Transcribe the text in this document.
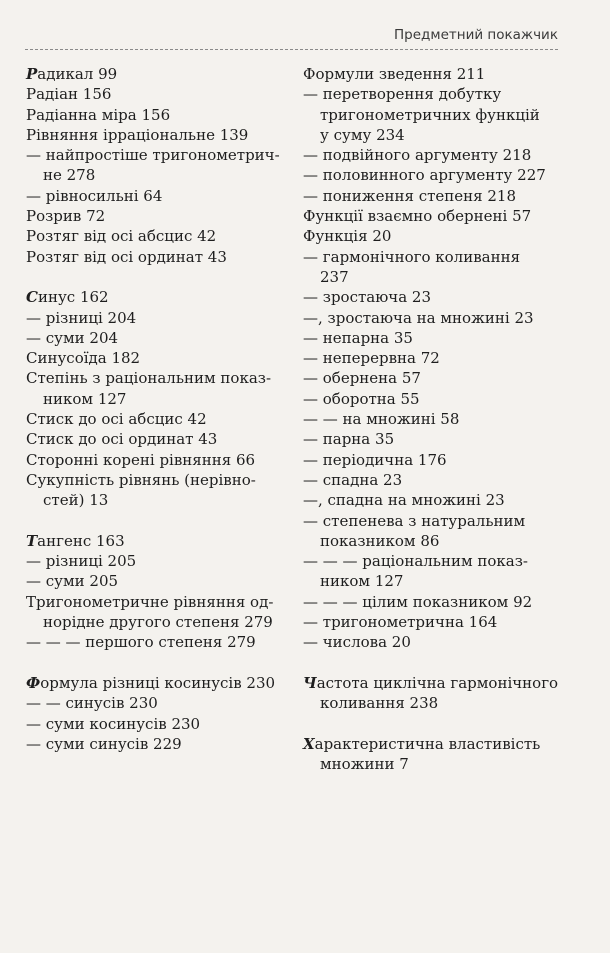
Предметний покажчик
Радикал 99
Радіан 156
Радіанна міра 156
Рівняння ірраціональне 139
— найпростіше тригонометрич-
не 278
— рівносильні 64
Розрив 72
Розтяг від осі абсцис 42
Розтяг від осі ординат 43
Синус 162
— різниці 204
— суми 204
Синусоїда 182
Степінь з раціональним показ-
ником 127
Стиск до осі абсцис 42
Стиск до осі ординат 43
Сторонні корені рівняння 66
Сукупність рівнянь (нерівно-
стей) 13
Тангенс 163
— різниці 205
— суми 205
Тригонометричне рівняння од-
норідне другого степеня 279
— — — першого степеня 279
Формула різниці косинусів 230
— — синусів 230
— суми косинусів 230
— суми синусів 229
Формули зведення 211
— перетворення добутку
тригонометричних функцій
у суму 234
— подвійного аргументу 218
— половинного аргументу 227
— пониження степеня 218
Функції взаємно обернені 57
Функція 20
— гармонічного коливання
237
— зростаюча 23
—, зростаюча на множині 23
— непарна 35
— неперервна 72
— обернена 57
— оборотна 55
— — на множині 58
— парна 35
— періодична 176
— спадна 23
—, спадна на множині 23
— степенева з натуральним
показником 86
— — — раціональним показ-
ником 127
— — — цілим показником 92
— тригонометрична 164
— числова 20
Частота циклічна гармонічного
коливання 238
Характеристична властивість
множини 7
